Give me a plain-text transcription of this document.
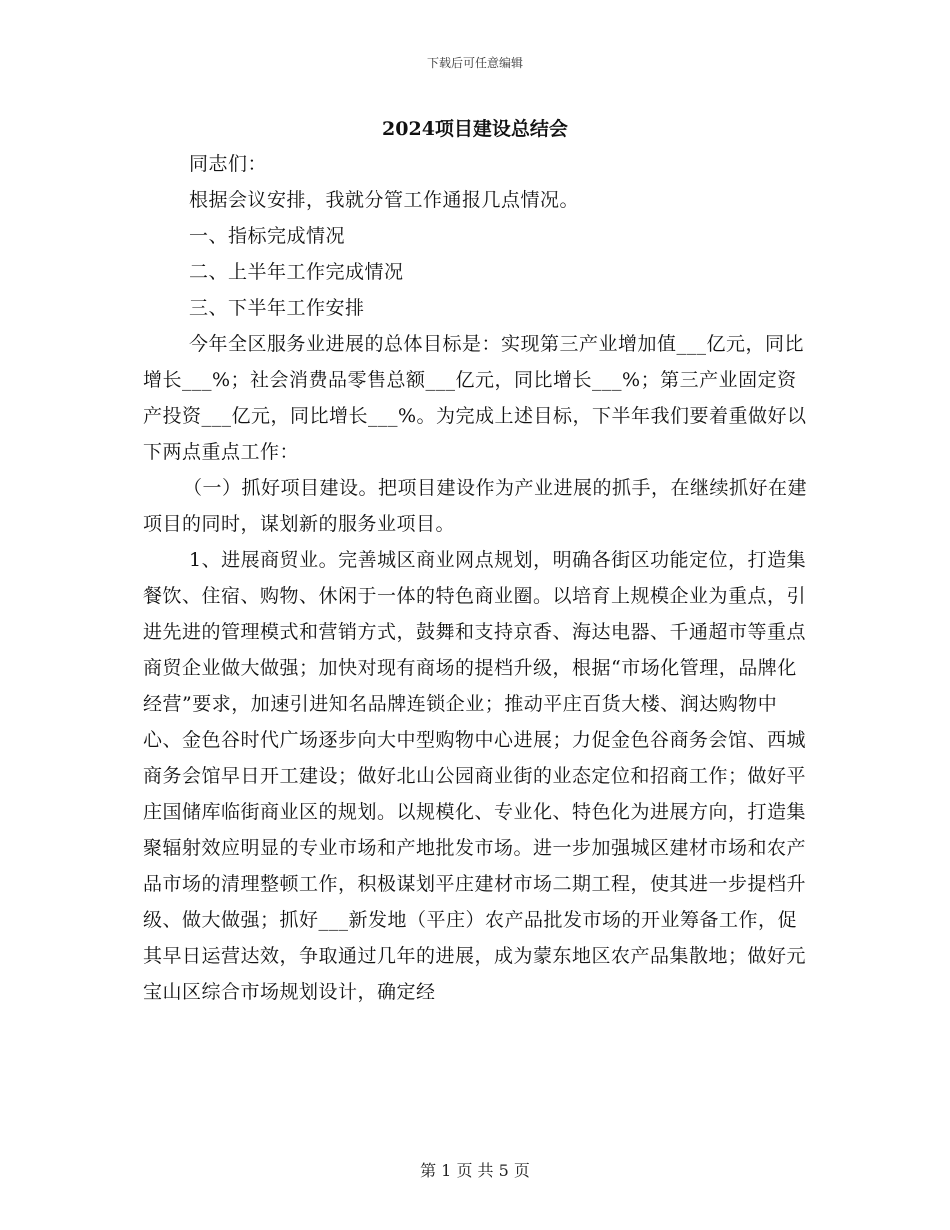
下载后可任意编辑
2024项目建设总结会

同志们：

根据会议安排，我就分管工作通报几点情况。

一、指标完成情况

二、上半年工作完成情况

三、下半年工作安排

今年全区服务业进展的总体目标是：实现第三产业增加值___亿元，同比增长___%；社会消费品零售总额___亿元，同比增长___%；第三产业固定资产投资___亿元，同比增长___%。为完成上述目标，下半年我们要着重做好以下两点重点工作：

（一）抓好项目建设。把项目建设作为产业进展的抓手，在继续抓好在建项目的同时，谋划新的服务业项目。

1、进展商贸业。完善城区商业网点规划，明确各街区功能定位，打造集餐饮、住宿、购物、休闲于一体的特色商业圈。以培育上规模企业为重点，引进先进的管理模式和营销方式，鼓舞和支持京香、海达电器、千通超市等重点商贸企业做大做强；加快对现有商场的提档升级，根据“市场化管理，品牌化经营”要求，加速引进知名品牌连锁企业；推动平庄百货大楼、润达购物中心、金色谷时代广场逐步向大中型购物中心进展；力促金色谷商务会馆、西城商务会馆早日开工建设；做好北山公园商业街的业态定位和招商工作；做好平庄国储库临街商业区的规划。以规模化、专业化、特色化为进展方向，打造集聚辐射效应明显的专业市场和产地批发市场。进一步加强城区建材市场和农产品市场的清理整顿工作，积极谋划平庄建材市场二期工程，使其进一步提档升级、做大做强；抓好___新发地（平庄）农产品批发市场的开业筹备工作，促其早日运营达效，争取通过几年的进展，成为蒙东地区农产品集散地；做好元宝山区综合市场规划设计，确定经

第 1 页 共 5 页
